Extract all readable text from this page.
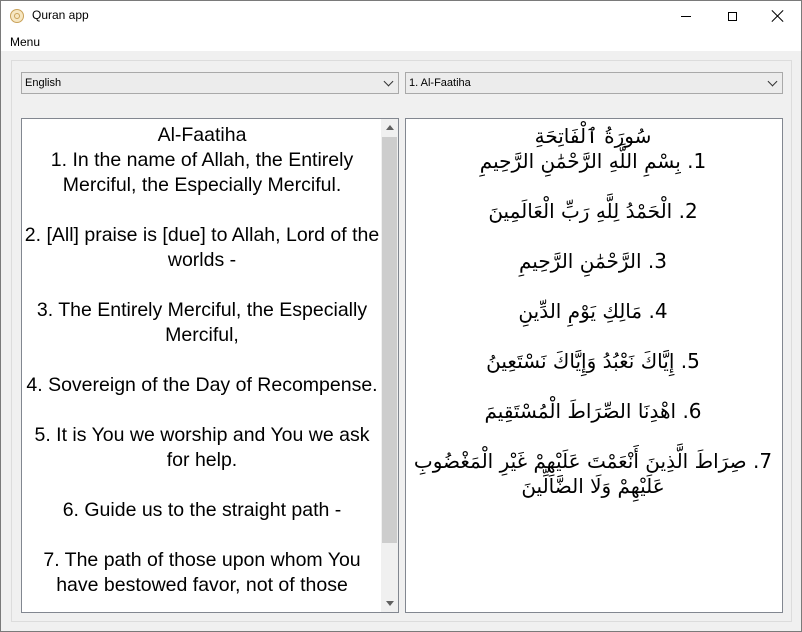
Quran app
Menu
English	1. Al-Faatiha

Al-Faatiha

1. In the name of Allah, the Entirely Merciful, the Especially Merciful.

2. [All] praise is [due] to Allah, Lord of the worlds -

3. The Entirely Merciful, the Especially Merciful,

4. Sovereign of the Day of Recompense.

5. It is You we worship and You we ask for help.

6. Guide us to the straight path -

7. The path of those upon whom You have bestowed favor, not of those

سُورَةُ ٱلْفَاتِحَةِ
1. بِسْمِ اللَّهِ الرَّحْمَٰنِ الرَّحِيمِ
2. الْحَمْدُ لِلَّهِ رَبِّ الْعَالَمِينَ
3. الرَّحْمَٰنِ الرَّحِيمِ
4. مَالِكِ يَوْمِ الدِّينِ
5. إِيَّاكَ نَعْبُدُ وَإِيَّاكَ نَسْتَعِينُ
6. اهْدِنَا الصِّرَاطَ الْمُسْتَقِيمَ
7. صِرَاطَ الَّذِينَ أَنْعَمْتَ عَلَيْهِمْ غَيْرِ الْمَغْضُوبِ عَلَيْهِمْ وَلَا الضَّالِّينَ
